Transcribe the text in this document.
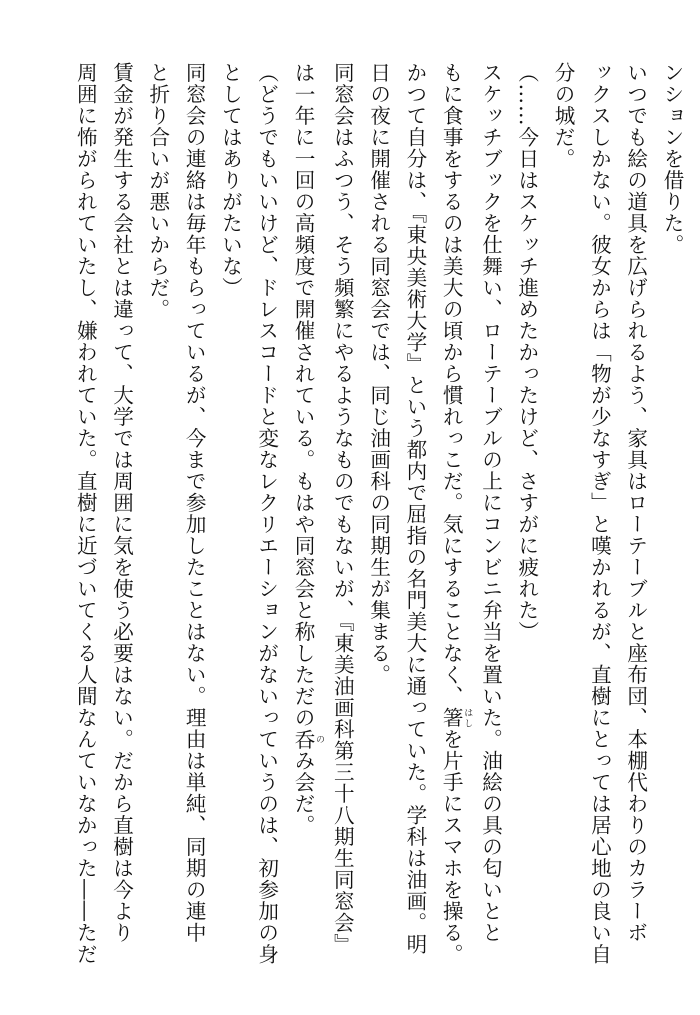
ンションを借りた。
いつでも絵の道具を広げられるよう、家具はローテーブルと座布団、本棚代わりのカラーボ
ックスしかない。彼女からは「物が少なすぎ」と嘆かれるが、直樹にとっては居心地の良い自
分の城だ。
（……今日はスケッチ進めたかったけど、さすがに疲れた）
スケッチブックを仕舞い、ローテーブルの上にコンビニ弁当を置いた。油絵の具の匂いとと
もに食事をするのは美大の頃から慣れっこだ。気にすることなく、箸 はしを片手にスマホを操る。
かつて自分は、『東央美術大学』という都内で屈指の名門美大に通っていた。学科は油画。明
日の夜に開催される同窓会では、同じ油画科の同期生が集まる。
同窓会はふつう、そう頻繁にやるようなものでもないが、『東美油画科第三十八期生同窓会』
は一年に一回の高頻度で開催されている。もはや同窓会と称しただの呑 のみ会だ。
（どうでもいいけど、ドレスコードと変なレクリエーションがないっていうのは、初参加の身
としてはありがたいな）
同窓会の連絡は毎年もらっているが、今まで参加したことはない。理由は単純、同期の連中
と折り合いが悪いからだ。
賃金が発生する会社とは違って、大学では周囲に気を使う必要はない。だから直樹は今より
周囲に怖がられていたし、嫌われていた。直樹に近づいてくる人間なんていなかった――ただ
